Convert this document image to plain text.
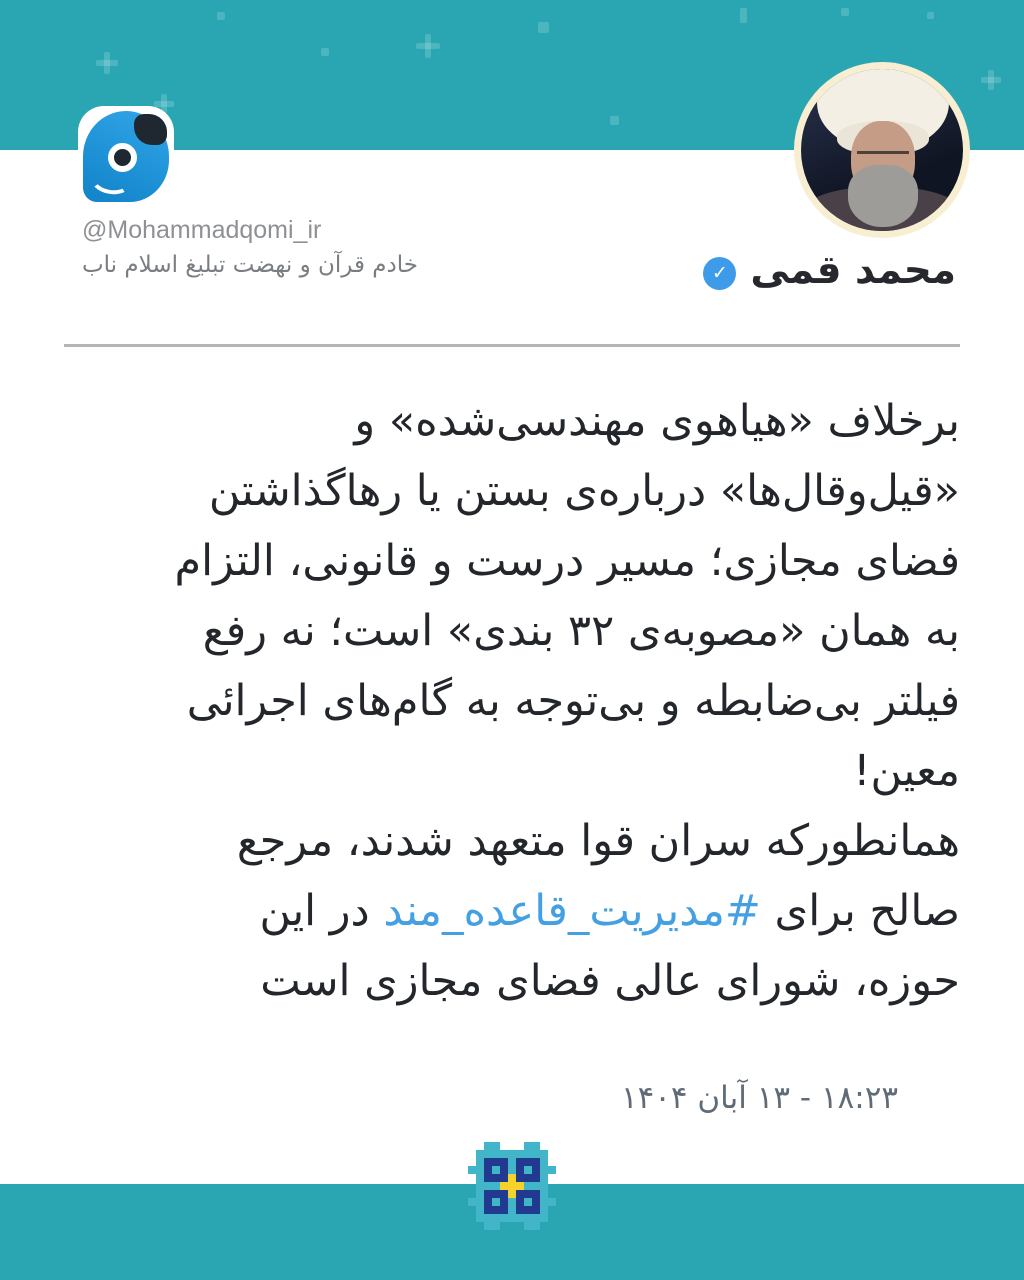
@Mohammadqomi_ir
خادم قرآن و نهضت تبلیغ اسلام ناب	محمد قمی
✓
برخلاف «هیاهوی مهندسی‌شده» و
«قیل‌وقال‌ها» درباره‌ی بستن یا رهاگذاشتن
فضای مجازی؛ مسیر درست و قانونی، التزام
به همان «مصوبه‌ی ۳۲ بندی» است؛ نه رفع
فیلتر بی‌ضابطه و بی‌توجه به گام‌های اجرائی
معین!
همانطورکه سران قوا متعهد شدند، مرجع
صالح برای #مدیریت_قاعده_مند در این
حوزه، شورای عالی فضای مجازی است
۱۸:۲۳ - ۱۳ آبان ۱۴۰۴
